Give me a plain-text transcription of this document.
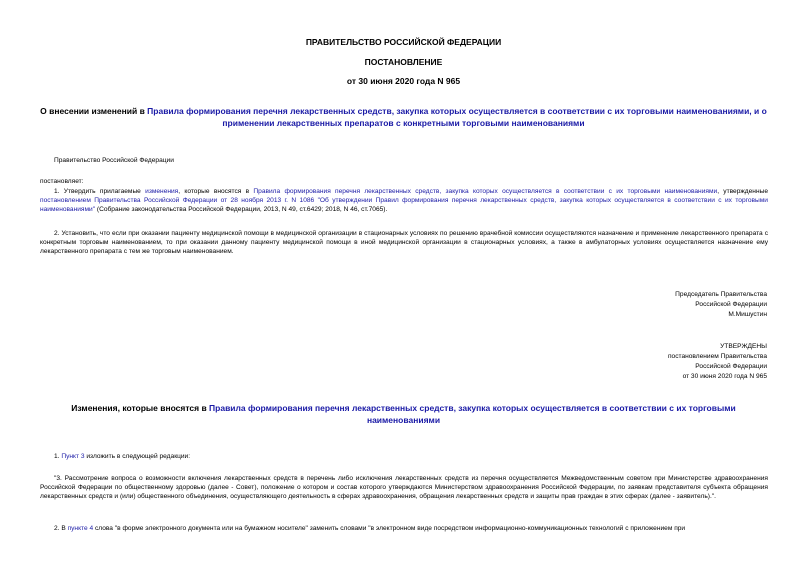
ПРАВИТЕЛЬСТВО РОССИЙСКОЙ ФЕДЕРАЦИИ
ПОСТАНОВЛЕНИЕ
от 30 июня 2020 года N 965
О внесении изменений в Правила формирования перечня лекарственных средств, закупка которых осуществляется в соответствии с их торговыми наименованиями, и о применении лекарственных препаратов с конкретными торговыми наименованиями
Правительство Российской Федерации
постановляет:
1. Утвердить прилагаемые изменения, которые вносятся в Правила формирования перечня лекарственных средств, закупка которых осуществляется в соответствии с их торговыми наименованиями, утвержденные постановлением Правительства Российской Федерации от 28 ноября 2013 г. N 1086 "Об утверждении Правил формирования перечня лекарственных средств, закупка которых осуществляется в соответствии с их торговыми наименованиями" (Собрание законодательства Российской Федерации, 2013, N 49, ст.6429; 2018, N 46, ст.7065).
2. Установить, что если при оказании пациенту медицинской помощи в медицинской организации в стационарных условиях по решению врачебной комиссии осуществляются назначение и применение лекарственного препарата с конкретным торговым наименованием, то при оказании данному пациенту медицинской помощи в иной медицинской организации в стационарных условиях, а также в амбулаторных условиях осуществляется назначение ему лекарственного препарата с тем же торговым наименованием.
Председатель Правительства
Российской Федерации
М.Мишустин
УТВЕРЖДЕНЫ
постановлением Правительства
Российской Федерации
от 30 июня 2020 года N 965
Изменения, которые вносятся в Правила формирования перечня лекарственных средств, закупка которых осуществляется в соответствии с их торговыми наименованиями
1. Пункт 3 изложить в следующей редакции:
"3. Рассмотрение вопроса о возможности включения лекарственных средств в перечень либо исключения лекарственных средств из перечня осуществляется Межведомственным советом при Министерстве здравоохранения Российской Федерации по общественному здоровью (далее - Совет), положение о котором и состав которого утверждаются Министерством здравоохранения Российской Федерации, по заявкам представителя субъекта обращения лекарственных средств и (или) общественного объединения, осуществляющего деятельность в сферах здравоохранения, обращения лекарственных средств и защиты прав граждан в этих сферах (далее - заявитель).".
2. В пункте 4 слова "в форме электронного документа или на бумажном носителе" заменить словами "в электронном виде посредством информационно-коммуникационных технологий с приложением при
